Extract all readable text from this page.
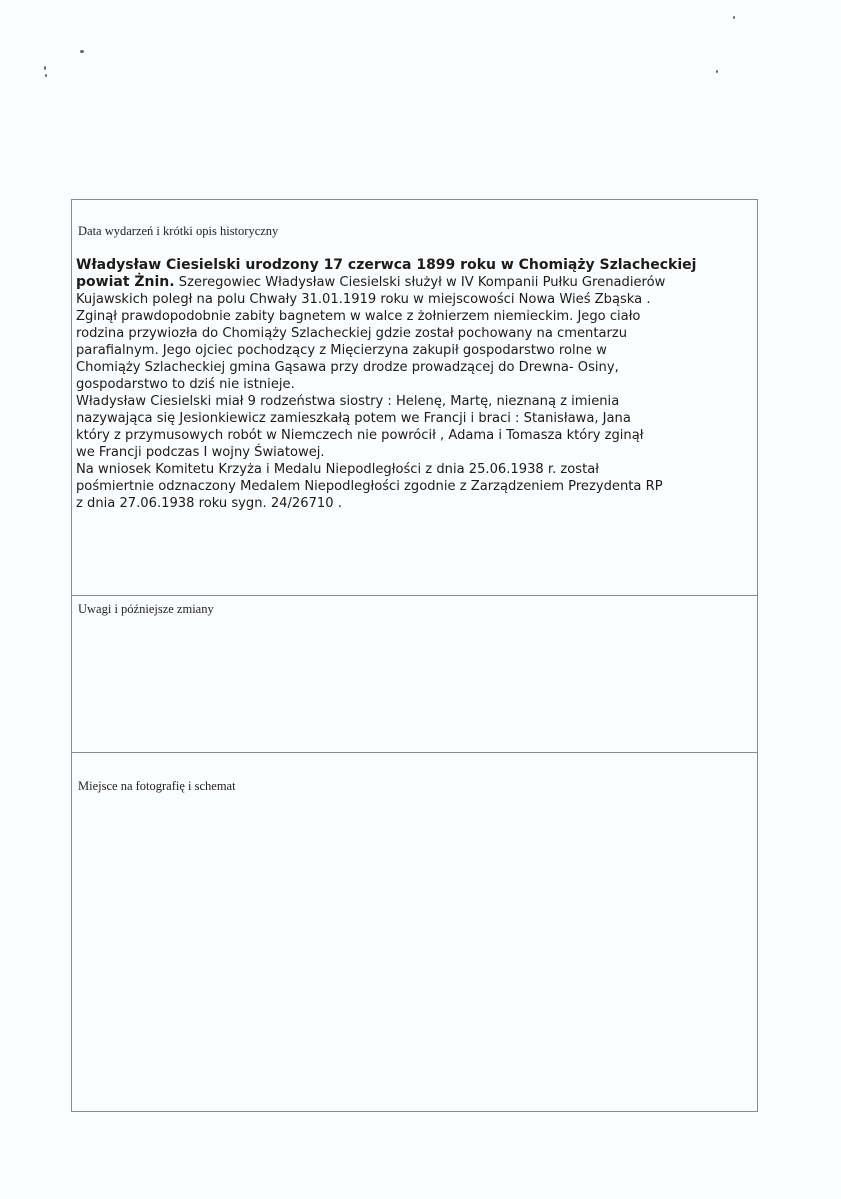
Data wydarzeń i krótki opis historyczny

Władysław Ciesielski urodzony 17 czerwca 1899 roku w Chomiąży Szlacheckiej
powiat Żnin. Szeregowiec Władysław Ciesielski służył w IV Kompanii Pułku Grenadierów
Kujawskich poległ na polu Chwały 31.01.1919 roku w miejscowości Nowa Wieś Zbąska .
Zginął prawdopodobnie zabity bagnetem w walce z żołnierzem niemieckim. Jego ciało
rodzina przywiozła do Chomiąży Szlacheckiej gdzie został pochowany na cmentarzu
parafialnym. Jego ojciec pochodzący z Mięcierzyna zakupił gospodarstwo rolne w
Chomiąży Szlacheckiej gmina Gąsawa przy drodze prowadzącej do Drewna- Osiny,
gospodarstwo to dziś nie istnieje.

Władysław Ciesielski miał 9 rodzeństwa siostry : Helenę, Martę, nieznaną z imienia
nazywająca się Jesionkiewicz zamieszkałą potem we Francji i braci : Stanisława, Jana
który z przymusowych robót w Niemczech nie powrócił , Adama i Tomasza który zginął
we Francji podczas I wojny Światowej.

Na wniosek Komitetu Krzyża i Medalu Niepodległości z dnia 25.06.1938 r. został
pośmiertnie odznaczony Medalem Niepodległości zgodnie z Zarządzeniem Prezydenta RP
z dnia 27.06.1938 roku sygn. 24/26710 .

Uwagi i późniejsze zmiany
Miejsce na fotografię i schemat
